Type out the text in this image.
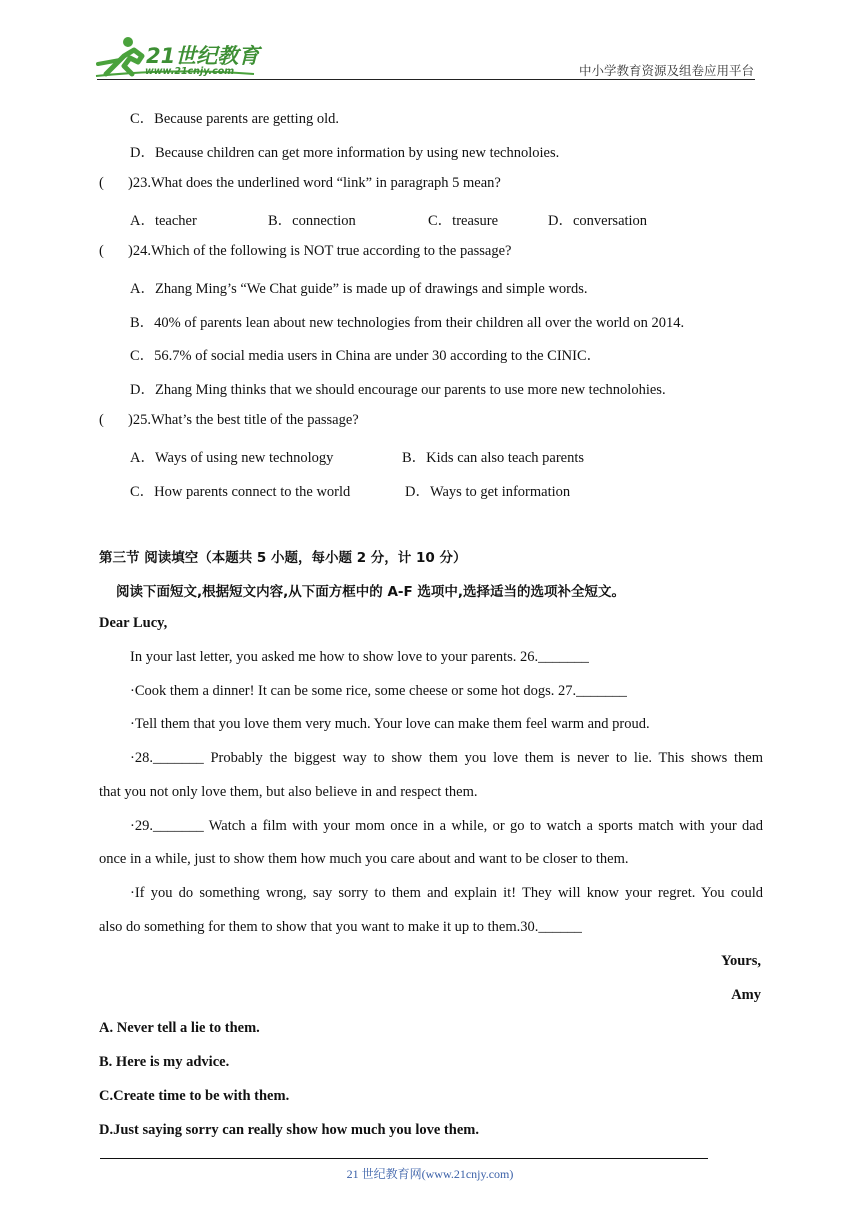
21世纪教育
www.21cnjy.com	中小学教育资源及组卷应用平台
C．Because parents are getting old.
D．Because children can get more information by using new technoloies.
( )23.What does the underlined word “link” in paragraph 5 mean?
A．teacher	B．connection	C．treasure	D．conversation
( )24.Which of the following is NOT true according to the passage?
A．Zhang Ming’s “We Chat guide” is made up of drawings and simple words.
B．40% of parents lean about new technologies from their children all over the world on 2014.
C．56.7% of social media users in China are under 30 according to the CINIC．
D．Zhang Ming thinks that we should encourage our parents to use more new technolohies.
( )25.What’s the best title of the passage?
A．Ways of using new technology	B．Kids can also teach parents
C．How parents connect to the world	D．Ways to get information
第三节 阅读填空（本题共 5 小题，每小题 2 分，计 10 分）
阅读下面短文,根据短文内容,从下面方框中的 A-F 选项中,选择适当的选项补全短文。
Dear Lucy,
In your last letter, you asked me how to show love to your parents. 26._______
·Cook them a dinner! It can be some rice, some cheese or some hot dogs. 27._______
·Tell them that you love them very much. Your love can make them feel warm and proud.
·28._______ Probably the biggest way to show them you love them is never to lie. This shows them
that you not only love them, but also believe in and respect them.
·29._______ Watch a film with your mom once in a while, or go to watch a sports match with your dad
once in a while, just to show them how much you care about and want to be closer to them.
·If you do something wrong, say sorry to them and explain it! They will know your regret. You could
also do something for them to show that you want to make it up to them.30.______
Yours,
Amy
A. Never tell a lie to them.
B. Here is my advice.
C.Create time to be with them.
D.Just saying sorry can really show how much you love them.
21 世纪教育网(www.21cnjy.com)
